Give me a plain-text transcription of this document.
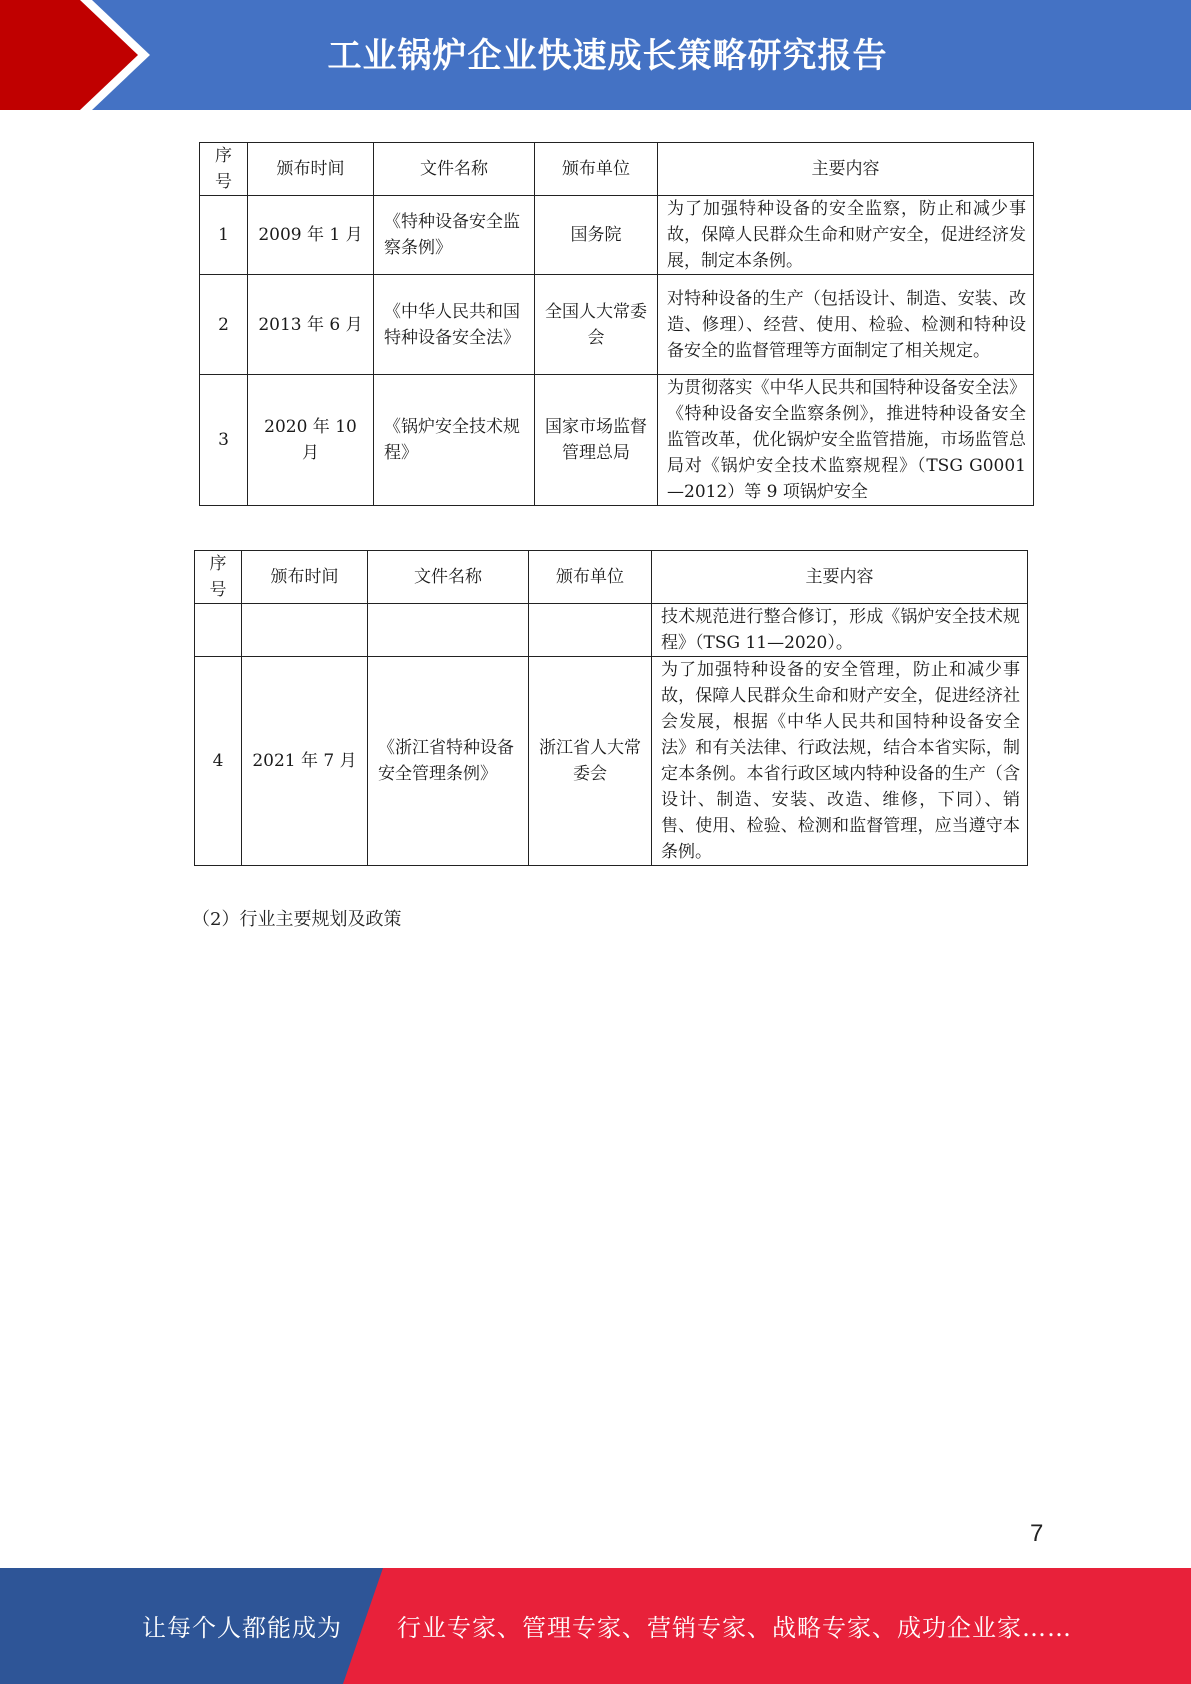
工业锅炉企业快速成长策略研究报告
序号	颁布时间	文件名称	颁布单位	主要内容
1	2009 年 1 月	《特种设备安全监察条例》	国务院	为了加强特种设备的安全监察，防止和减少事故，保障人民群众生命和财产安全，促进经济发展，制定本条例。
2	2013 年 6 月	《中华人民共和国特种设备安全法》	全国人大常委会	对特种设备的生产（包括设计、制造、安装、改造、修理）、经营、使用、检验、检测和特种设备安全的监督管理等方面制定了相关规定。
3	2020 年 10 月	《锅炉安全技术规程》	国家市场监督管理总局	为贯彻落实《中华人民共和国特种设备安全法》《特种设备安全监察条例》，推进特种设备安全监管改革，优化锅炉安全监管措施，市场监管总局对《锅炉安全技术监察规程》（TSG G0001—2012）等 9 项锅炉安全
序号	颁布时间	文件名称	颁布单位	主要内容
				技术规范进行整合修订，形成《锅炉安全技术规程》（TSG 11—2020）。
4	2021 年 7 月	《浙江省特种设备安全管理条例》	浙江省人大常委会	为了加强特种设备的安全管理，防止和减少事故，保障人民群众生命和财产安全，促进经济社会发展，根据《中华人民共和国特种设备安全法》和有关法律、行政法规，结合本省实际，制定本条例。本省行政区域内特种设备的生产（含设计、制造、安装、改造、维修，下同）、销售、使用、检验、检测和监督管理，应当遵守本条例。
（2）行业主要规划及政策
7
让每个人都能成为 行业专家、管理专家、营销专家、战略专家、成功企业家……
